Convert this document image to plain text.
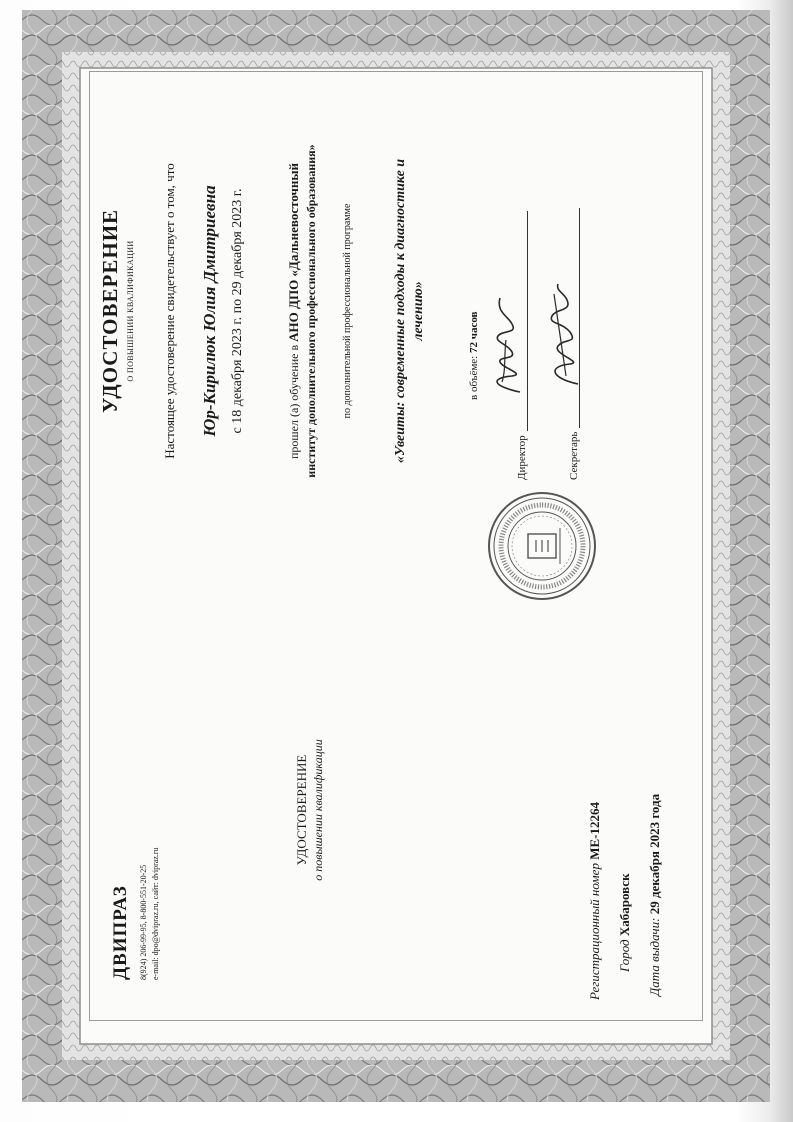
ДВИПРАЗ 8(924) 206-99-95, 8-800-551-20-25 e-mail: dpo@dvipraz.ru, сайт: dvipraz.ru
УДОСТОВЕРЕНИЕ о повышении квалификации
Регистрационный номер МЕ-12264
Город Хабаровск
Дата выдачи: 29 декабря 2023 года
УДОСТОВЕРЕНИЕ О ПОВЫШЕНИИ КВАЛИФИКАЦИИ Настоящее удостоверение свидетельствует о том, что Юр-Кирилюк Юлия Дмитриевна с 18 декабря 2023 г. по 29 декабря 2023 г.	прошел (а) обучение в АНО ДПО «Дальневосточный институт дополнительного профессионального образования» по дополнительной профессиональной программе	«Увеиты: современные подходы к диагностике и лечению»
в объёме: 72 часов
Директор	Секретарь
